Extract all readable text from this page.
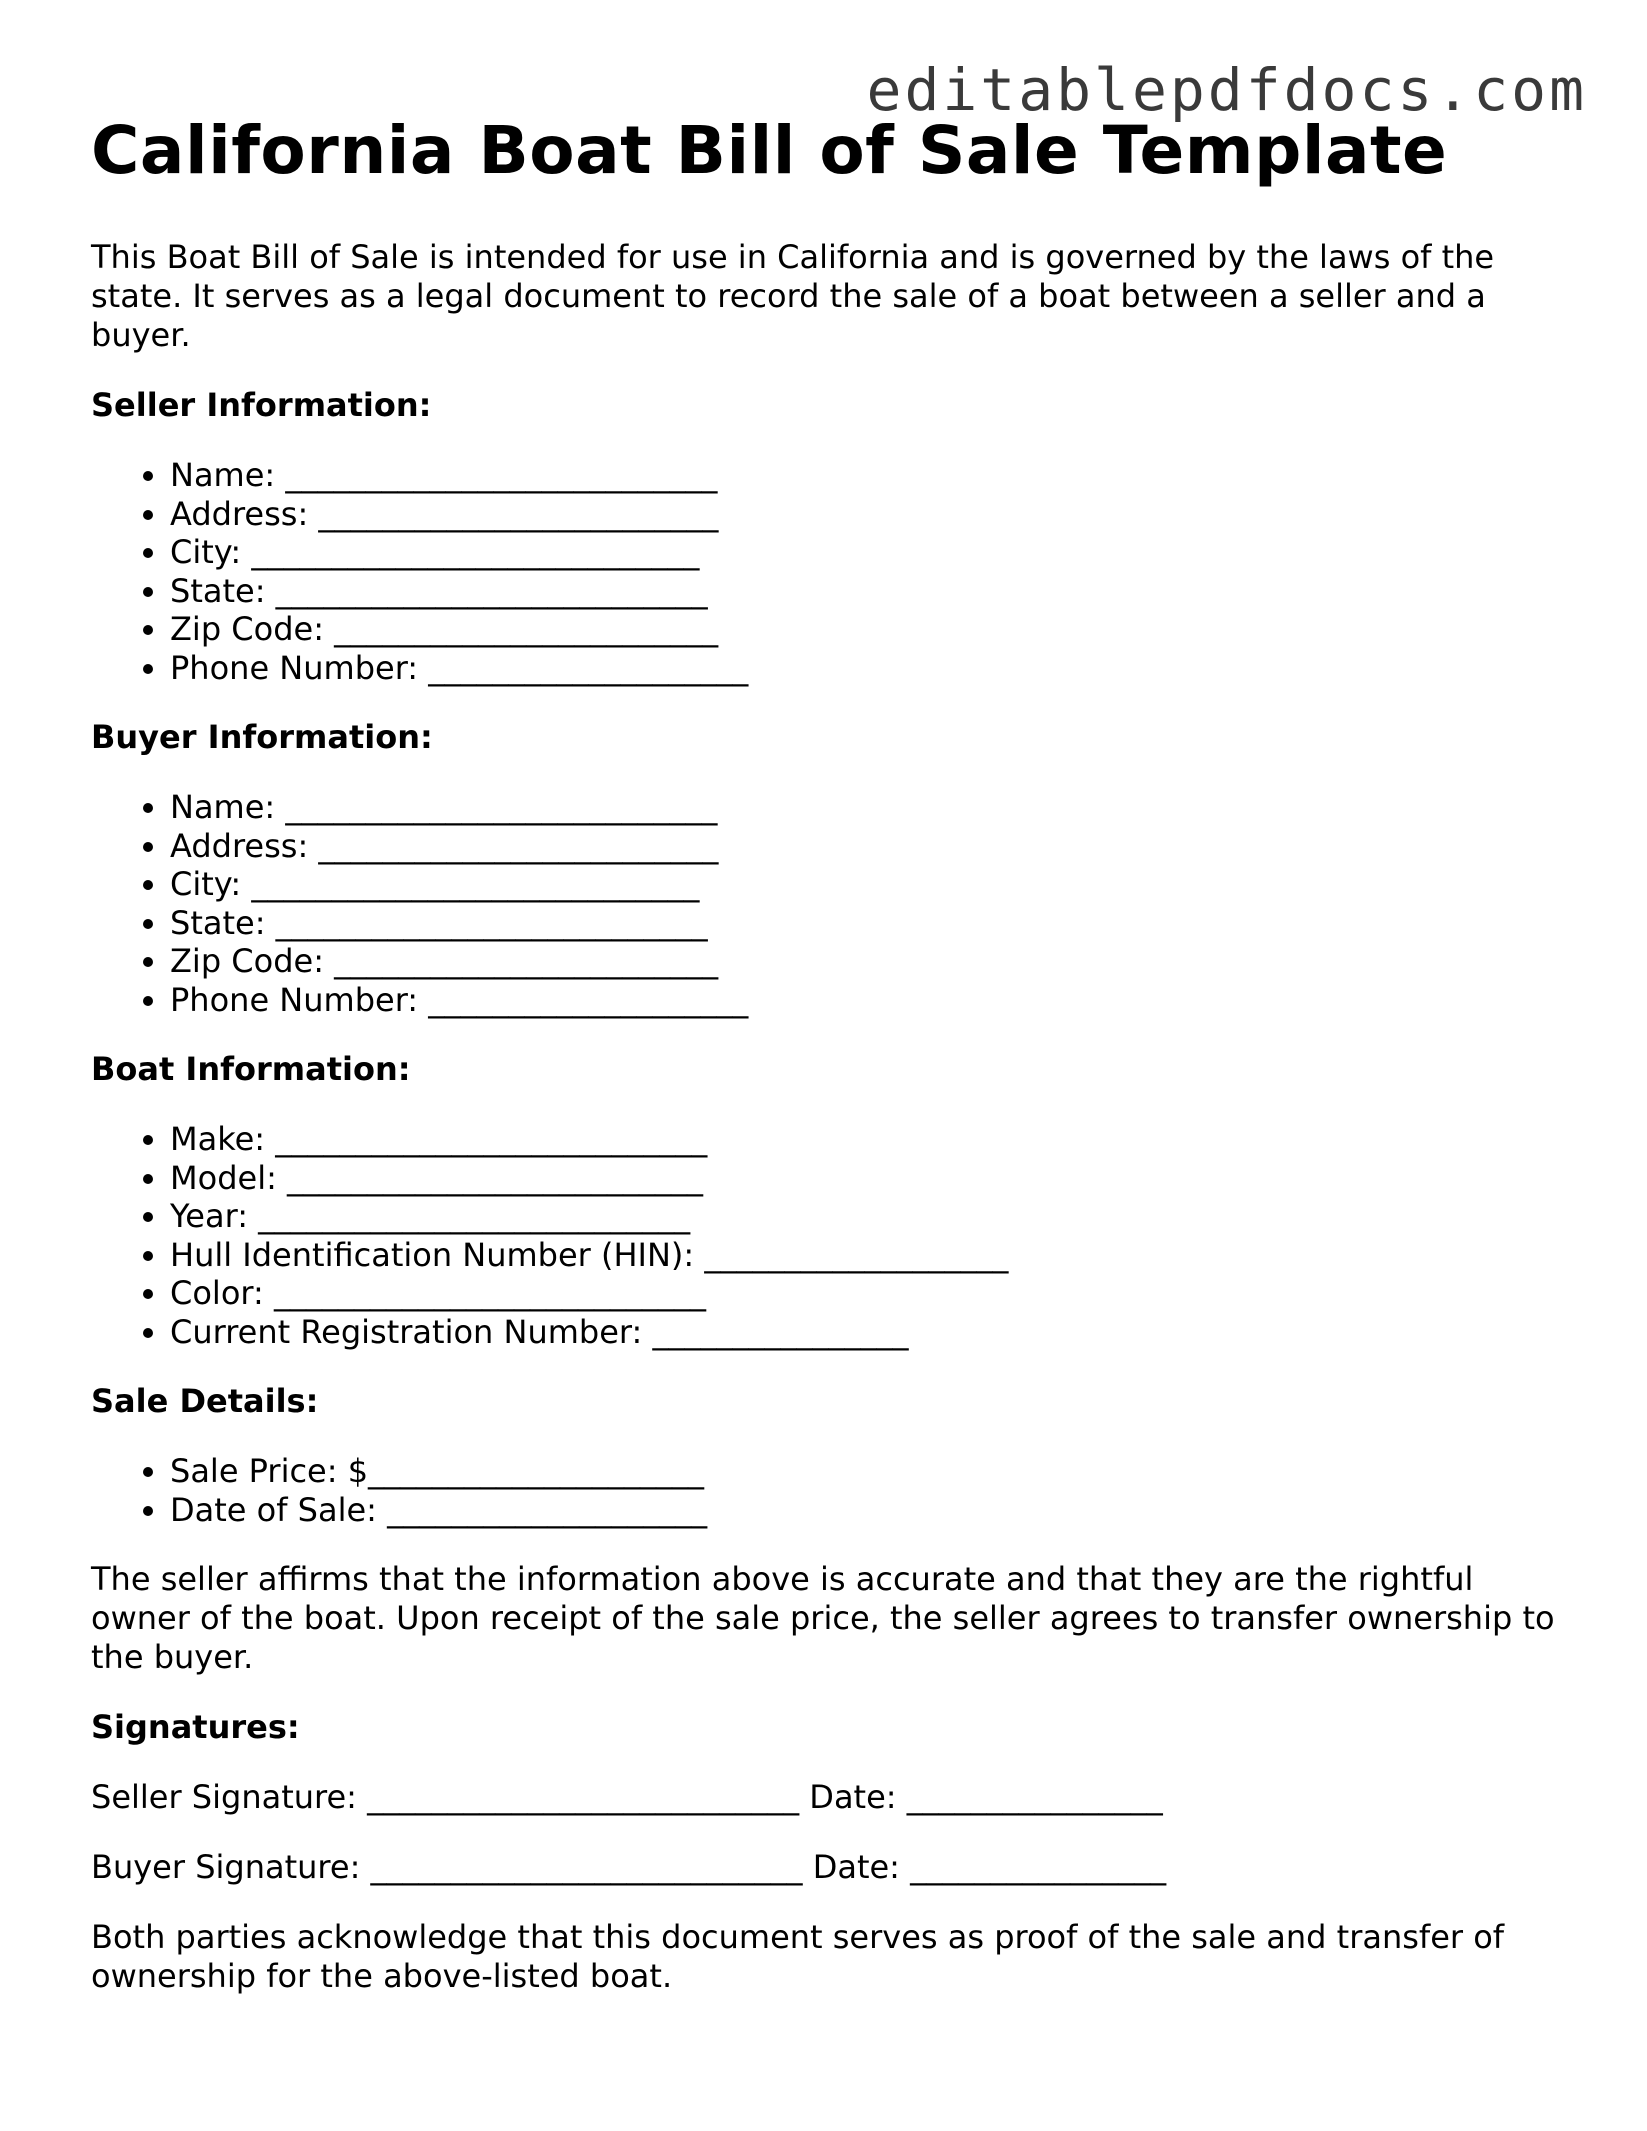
editablepdfdocs.com
California Boat Bill of Sale Template

This Boat Bill of Sale is intended for use in California and is governed by the laws of the state. It serves as a legal document to record the sale of a boat between a seller and a buyer.

Seller Information:

• Name: ___________________________
• Address: _________________________
• City: ____________________________
• State: ___________________________
• Zip Code: ________________________
• Phone Number: ____________________

Buyer Information:

• Name: ___________________________
• Address: _________________________
• City: ____________________________
• State: ___________________________
• Zip Code: ________________________
• Phone Number: ____________________

Boat Information:

• Make: ___________________________
• Model: __________________________
• Year: ___________________________
• Hull Identification Number (HIN): ___________________
• Color: ___________________________
• Current Registration Number: ________________

Sale Details:

• Sale Price: $_____________________
• Date of Sale: ____________________

The seller affirms that the information above is accurate and that they are the rightful owner of the boat. Upon receipt of the sale price, the seller agrees to transfer ownership to the buyer.

Signatures:

Seller Signature: ___________________________ Date: ________________

Buyer Signature: ___________________________ Date: ________________

Both parties acknowledge that this document serves as proof of the sale and transfer of ownership for the above-listed boat.
